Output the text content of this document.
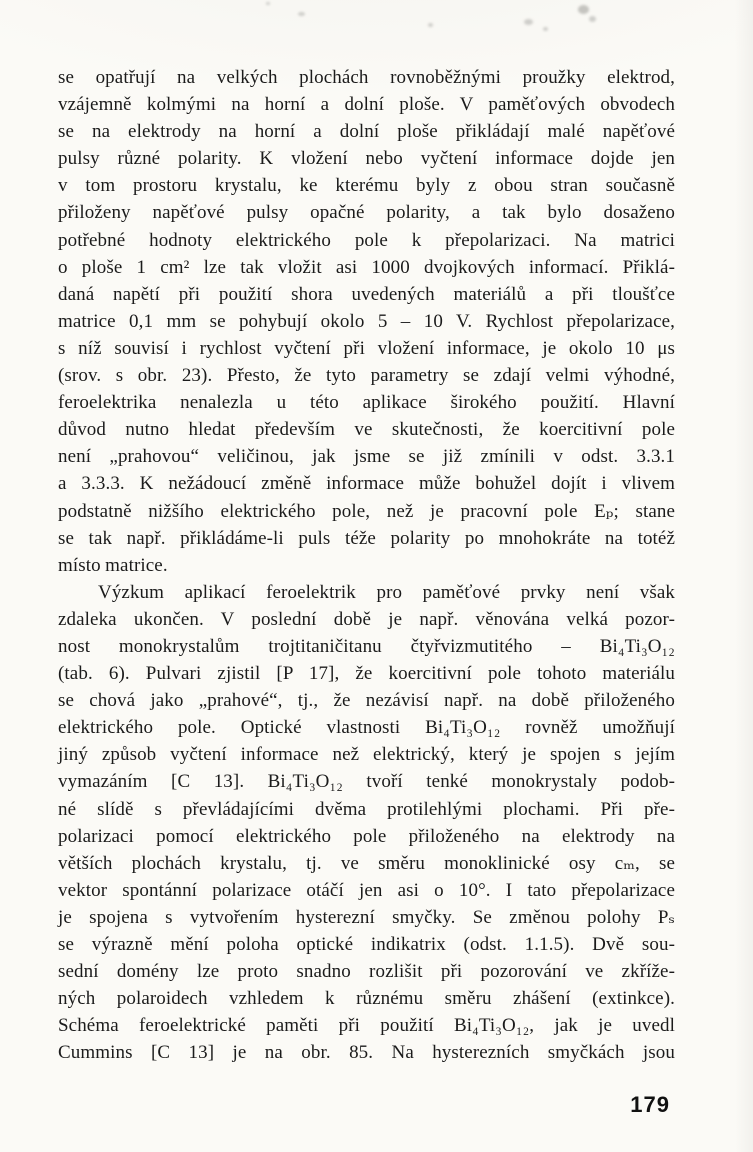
se opatřují na velkých plochách rovnoběžnými proužky elektrod,
vzájemně kolmými na horní a dolní ploše. V paměťových obvodech
se na elektrody na horní a dolní ploše přikládají malé napěťové
pulsy různé polarity. K vložení nebo vyčtení informace dojde jen
v tom prostoru krystalu, ke kterému byly z obou stran současně
přiloženy napěťové pulsy opačné polarity, a tak bylo dosaženo
potřebné hodnoty elektrického pole k přepolarizaci. Na matrici
o ploše 1 cm² lze tak vložit asi 1000 dvojkových informací. Přiklá-
daná napětí při použití shora uvedených materiálů a při tloušťce
matrice 0,1 mm se pohybují okolo 5 – 10 V. Rychlost přepolarizace,
s níž souvisí i rychlost vyčtení při vložení informace, je okolo 10 μs
(srov. s obr. 23). Přesto, že tyto parametry se zdají velmi výhodné,
feroelektrika nenalezla u této aplikace širokého použití. Hlavní
důvod nutno hledat především ve skutečnosti, že koercitivní pole
není „prahovou“ veličinou, jak jsme se již zmínili v odst. 3.3.1
a 3.3.3. K nežádoucí změně informace může bohužel dojít i vlivem
podstatně nižšího elektrického pole, než je pracovní pole Eₚ; stane
se tak např. přikládáme-li puls téže polarity po mnohokráte na totéž
místo matrice.
Výzkum aplikací feroelektrik pro paměťové prvky není však
zdaleka ukončen. V poslední době je např. věnována velká pozor-
nost monokrystalům trojtitaničitanu čtyřvizmutitého – Bi₄Ti₃O₁₂
(tab. 6). Pulvari zjistil [P 17], že koercitivní pole tohoto materiálu
se chová jako „prahové“, tj., že nezávisí např. na době přiloženého
elektrického pole. Optické vlastnosti Bi₄Ti₃O₁₂ rovněž umožňují
jiný způsob vyčtení informace než elektrický, který je spojen s jejím
vymazáním [C 13]. Bi₄Ti₃O₁₂ tvoří tenké monokrystaly podob-
né slídě s převládajícími dvěma protilehlými plochami. Při pře-
polarizaci pomocí elektrického pole přiloženého na elektrody na
větších plochách krystalu, tj. ve směru monoklinické osy cₘ, se
vektor spontánní polarizace otáčí jen asi o 10°. I tato přepolarizace
je spojena s vytvořením hysterezní smyčky. Se změnou polohy Pₛ
se výrazně mění poloha optické indikatrix (odst. 1.1.5). Dvě sou-
sední domény lze proto snadno rozlišit při pozorování ve zkříže-
ných polaroidech vzhledem k různému směru zhášení (extinkce).
Schéma feroelektrické paměti při použití Bi₄Ti₃O₁₂, jak je uvedl
Cummins [C 13] je na obr. 85. Na hysterezních smyčkách jsou
179
